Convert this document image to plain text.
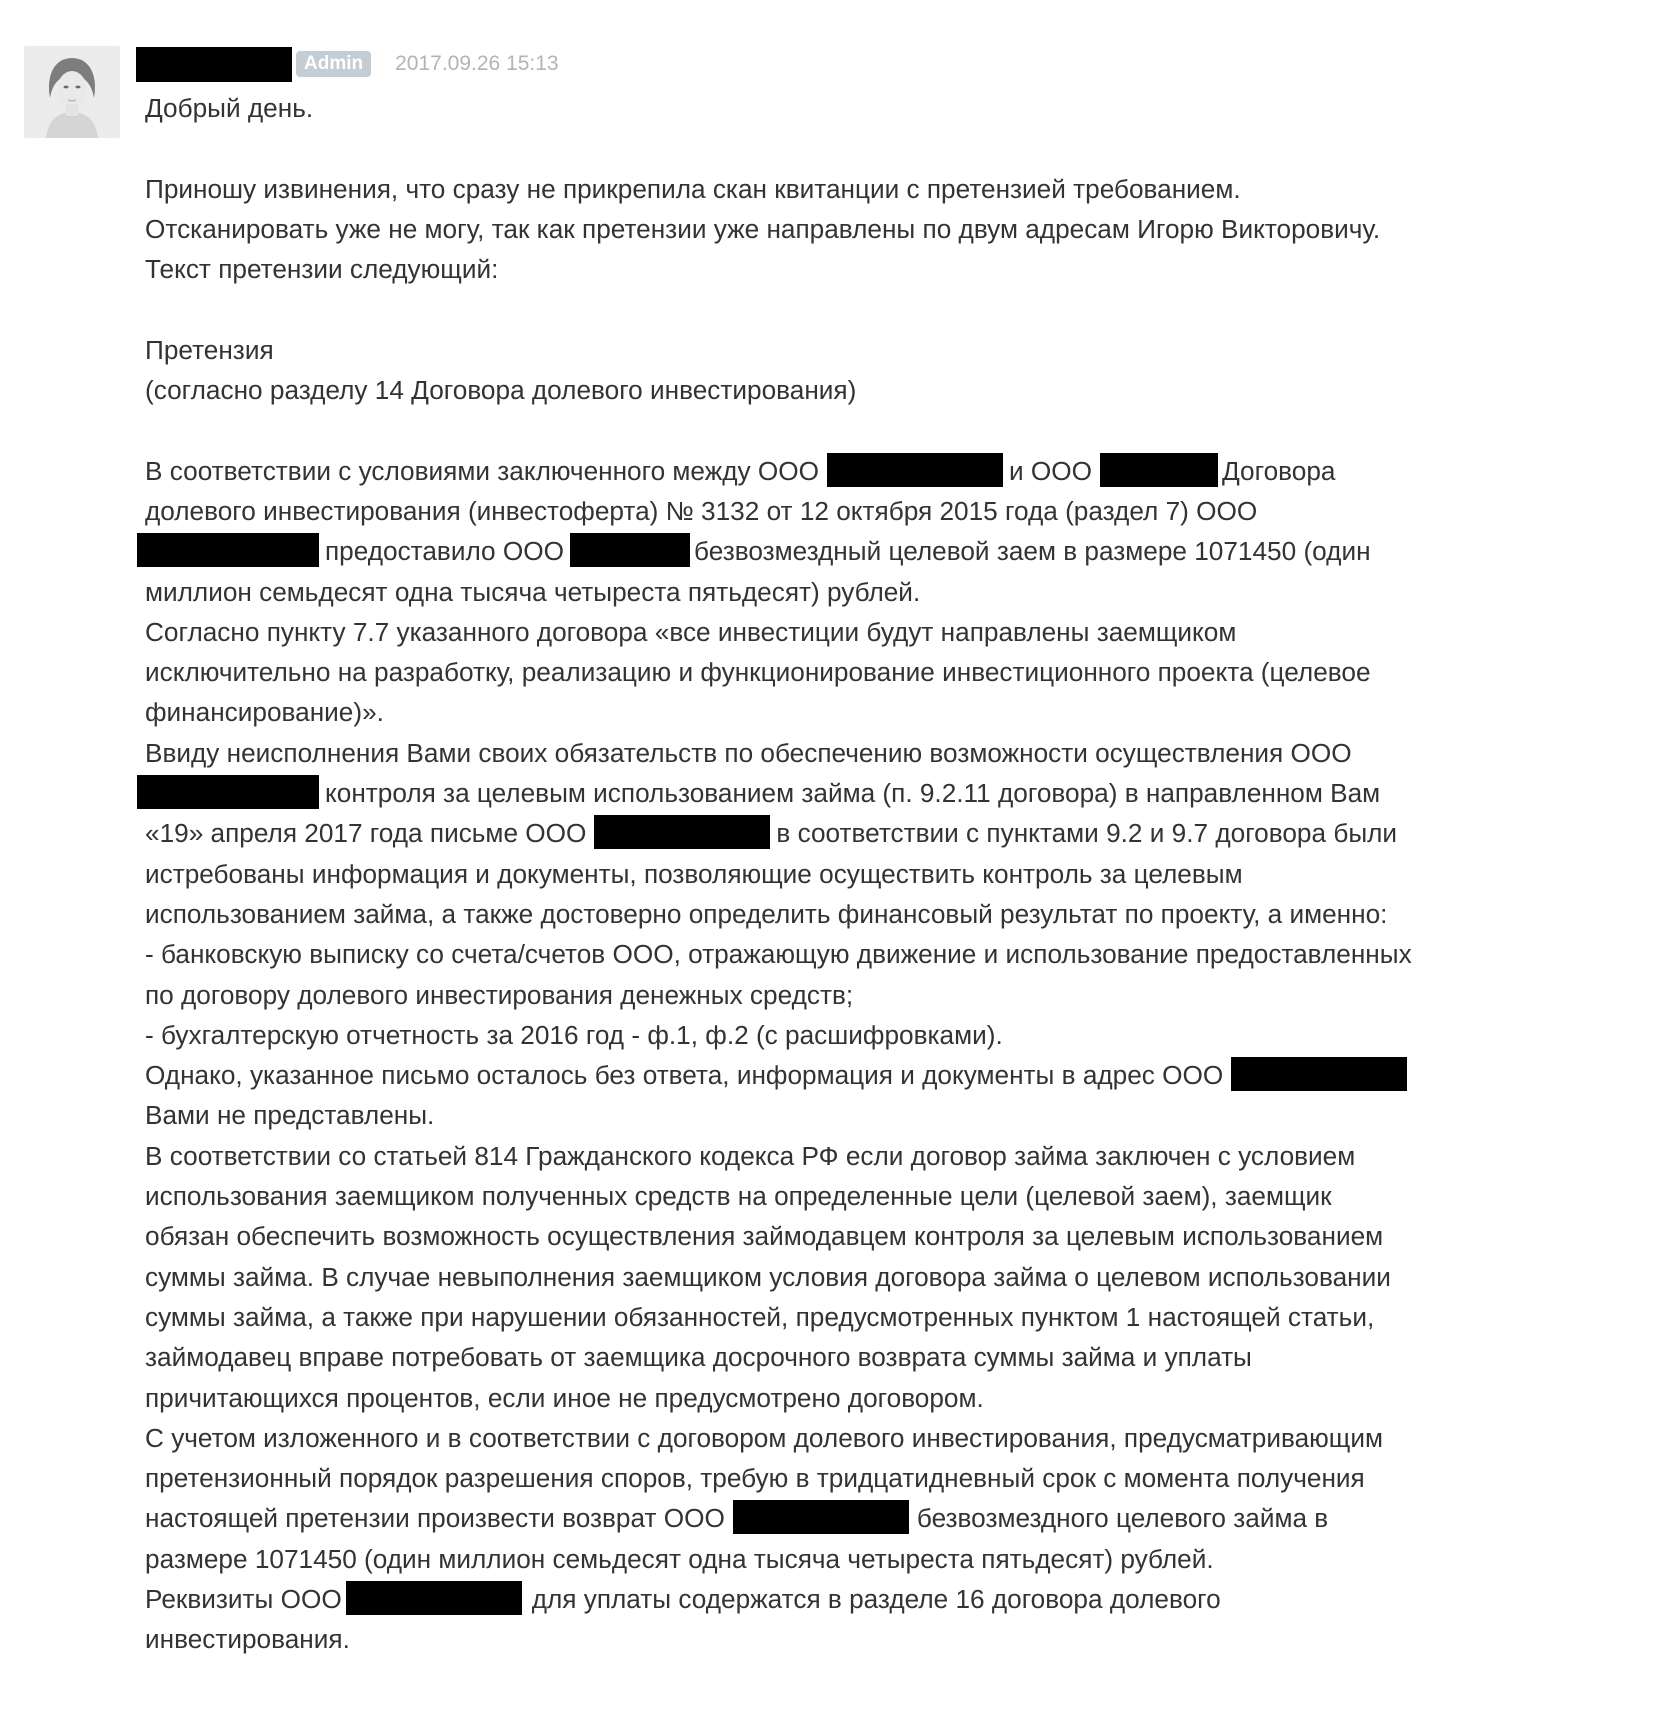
Admin	2017.09.26 15:13
Добрый день.
Приношу извинения, что сразу не прикрепила скан квитанции с претензией требованием.
Отсканировать уже не могу, так как претензии уже направлены по двум адресам Игорю Викторовичу.
Текст претензии следующий:
Претензия
(согласно разделу 14 Договора долевого инвестирования)
В соответствии с условиями заключенного между ООО	и ООО	Договора
долевого инвестирования (инвестоферта) № 3132 от 12 октября 2015 года (раздел 7) ООО
предоставило ООО	безвозмездный целевой заем в размере 1071450 (один
миллион семьдесят одна тысяча четыреста пятьдесят) рублей.
Согласно пункту 7.7 указанного договора «все инвестиции будут направлены заемщиком
исключительно на разработку, реализацию и функционирование инвестиционного проекта (целевое
финансирование)».
Ввиду неисполнения Вами своих обязательств по обеспечению возможности осуществления ООО
контроля за целевым использованием займа (п. 9.2.11 договора) в направленном Вам
«19» апреля 2017 года письме ООО	в соответствии с пунктами 9.2 и 9.7 договора были
истребованы информация и документы, позволяющие осуществить контроль за целевым
использованием займа, а также достоверно определить финансовый результат по проекту, а именно:
- банковскую выписку со счета/счетов ООО, отражающую движение и использование предоставленных
по договору долевого инвестирования денежных средств;
- бухгалтерскую отчетность за 2016 год - ф.1, ф.2 (с расшифровками).
Однако, указанное письмо осталось без ответа, информация и документы в адрес ООО
Вами не представлены.
В соответствии со статьей 814 Гражданского кодекса РФ если договор займа заключен с условием
использования заемщиком полученных средств на определенные цели (целевой заем), заемщик
обязан обеспечить возможность осуществления займодавцем контроля за целевым использованием
суммы займа. В случае невыполнения заемщиком условия договора займа о целевом использовании
суммы займа, а также при нарушении обязанностей, предусмотренных пунктом 1 настоящей статьи,
займодавец вправе потребовать от заемщика досрочного возврата суммы займа и уплаты
причитающихся процентов, если иное не предусмотрено договором.
С учетом изложенного и в соответствии с договором долевого инвестирования, предусматривающим
претензионный порядок разрешения споров, требую в тридцатидневный срок с момента получения
настоящей претензии произвести возврат ООО	безвозмездного целевого займа в
размере 1071450 (один миллион семьдесят одна тысяча четыреста пятьдесят) рублей.
Реквизиты ООО	для уплаты содержатся в разделе 16 договора долевого
инвестирования.
